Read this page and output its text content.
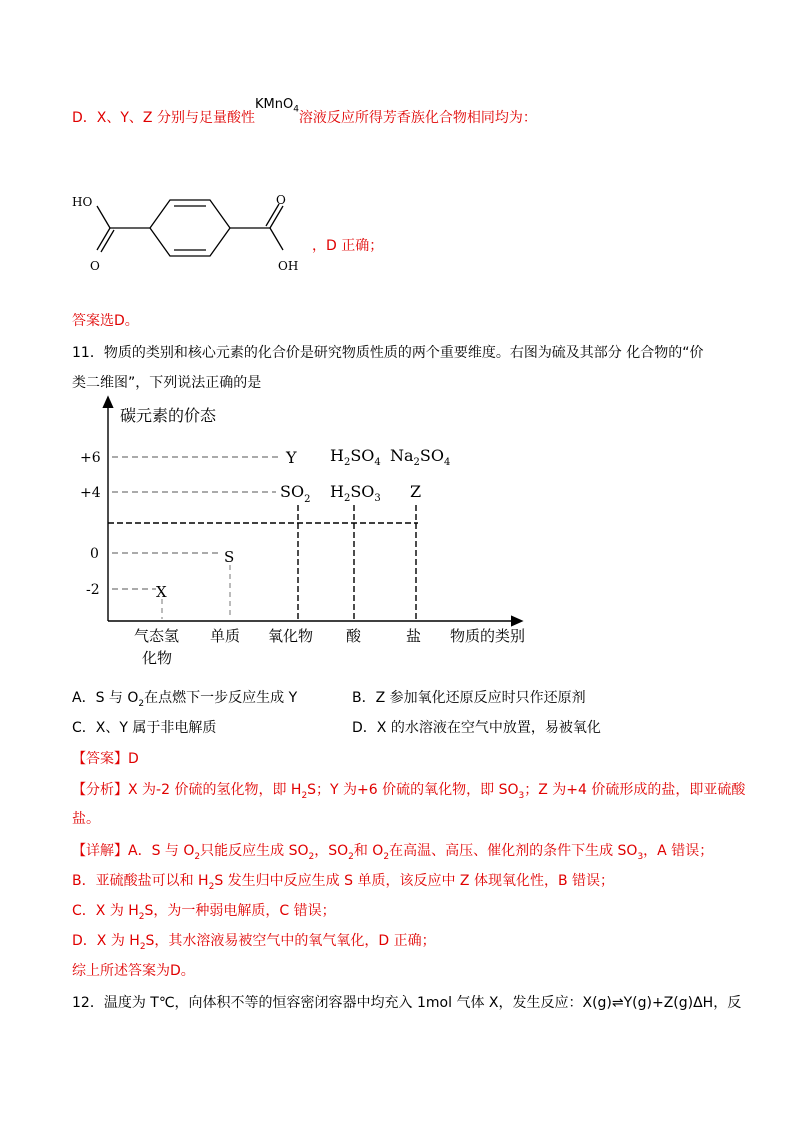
D．X、Y、Z 分别与足量酸性KMnO$_4$溶液反应所得芳香族化合物相同均为：
HO	O
O	OH
，D 正确；
答案选D。
11．物质的类别和核心元素的化合价是研究物质性质的两个重要维度。右图为硫及其部分 化合物的“价
类二维图”，下列说法正确的是
碳元素的价态
+6
+4
0
-2
Y $H_2SO_4$ $Na_2SO_4$
$SO_2$ $H_2SO_3$ Z
S
X
气态氢
化物
单质 氧化物 酸	盐 物质的类别
A．S 与 $O_2$在点燃下一步反应生成 Y	B．Z 参加氧化还原反应时只作还原剂
C．X、Y 属于非电解质	D．X 的水溶液在空气中放置，易被氧化
【答案】D
【分析】X 为-2 价硫的氢化物，即 $H_2S$；Y 为+6 价硫的氧化物，即 $SO_3$；Z 为+4 价硫形成的盐，即亚硫酸
盐。
【详解】A．S 与 $O_2$只能反应生成 $SO_2$，$SO_2$和 $O_2$在高温、高压、催化剂的条件下生成 $SO_3$，A 错误；
B．亚硫酸盐可以和 $H_2S$ 发生归中反应生成 S 单质，该反应中 Z 体现氧化性，B 错误；
C．X 为 $H_2S$，为一种弱电解质，C 错误；
D．X 为 $H_2S$，其水溶液易被空气中的氧气氧化，D 正确；
综上所述答案为D。
12．温度为 T℃，向体积不等的恒容密闭容器中均充入 1mol 气体 X，发生反应：X(g)⇌Y(g)+Z(g)ΔH，反
